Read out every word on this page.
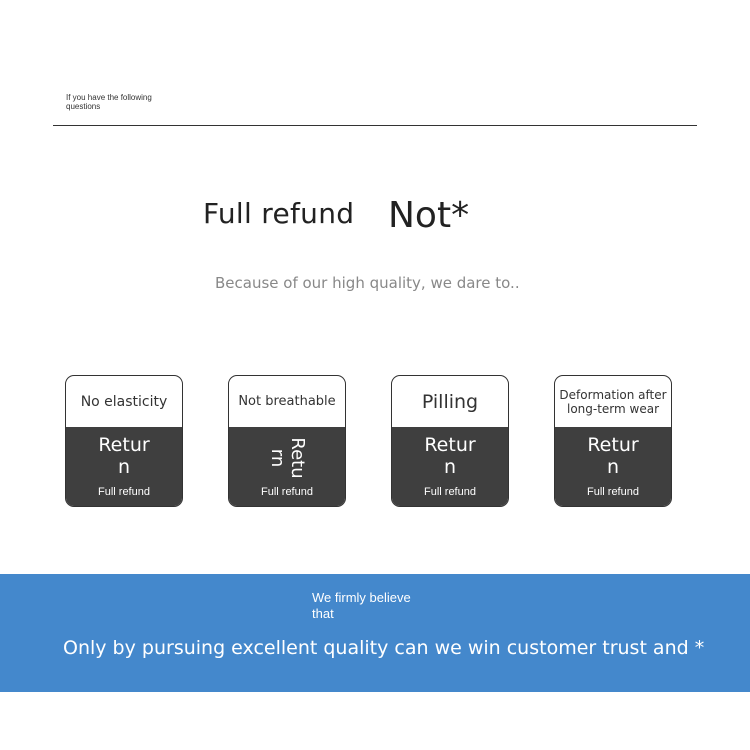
If you have the following questions
Full refund Not*
Because of our high quality, we dare to..
No elasticity
Return
Full refund
Not breathable
Return
Full refund
Pilling
Return
Full refund
Deformation after long-term wear
Return
Full refund
We firmly believe that
Only by pursuing excellent quality can we win customer trust and *
